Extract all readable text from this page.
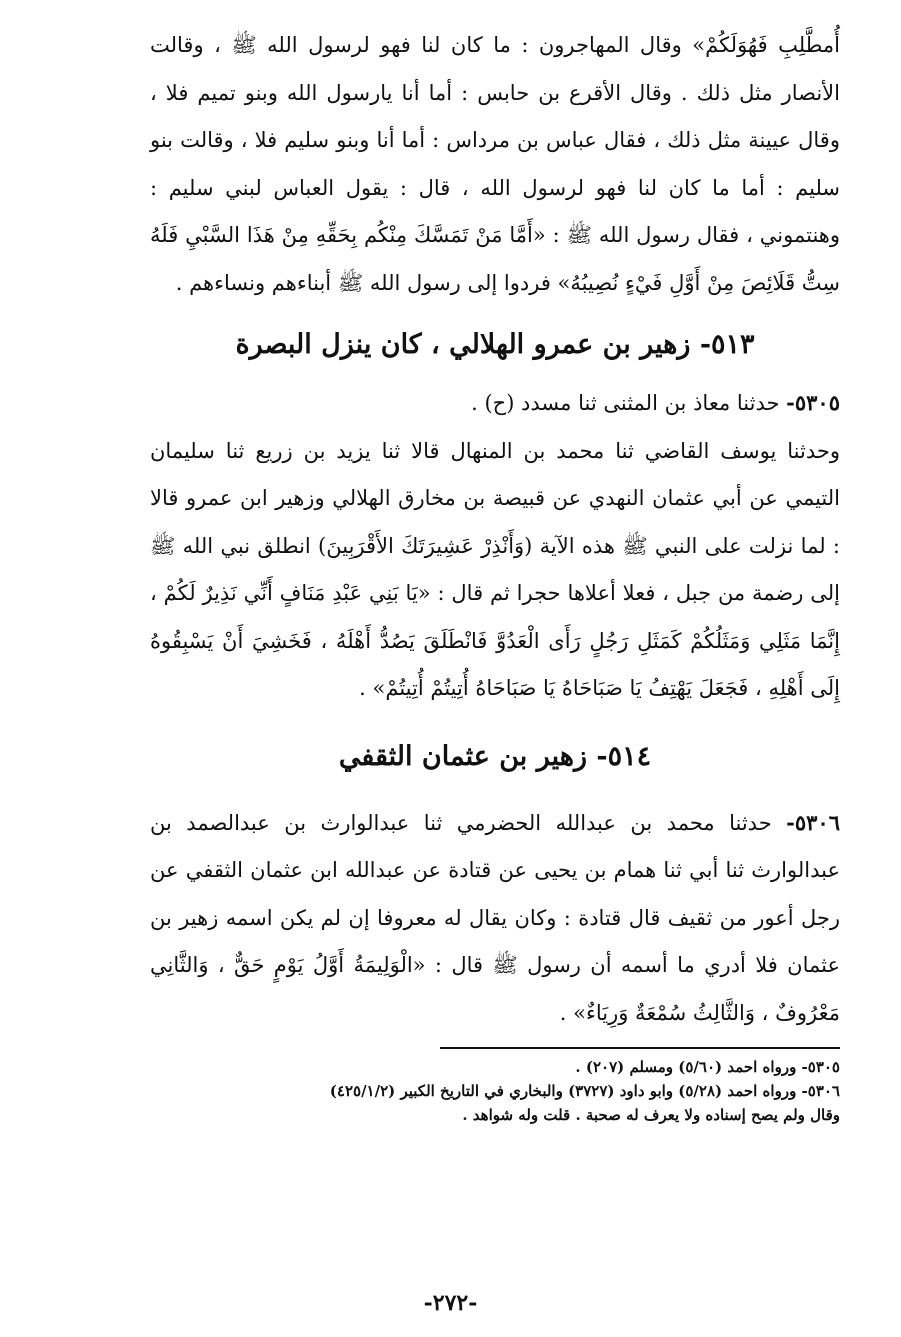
أُمطَّلِبِ فَهُوَلَكُمْ» وقال المهاجرون : ما كان لنا فهو لرسول الله ﷺ ، وقالت الأنصار مثل ذلك . وقال الأقرع بن حابس : أما أنا يارسول الله وبنو تميم فلا ، وقال عيينة مثل ذلك ، فقال عباس بن مرداس : أما أنا وبنو سليم فلا ، وقالت بنو سليم : أما ما كان لنا فهو لرسول الله ، قال : يقول العباس لبني سليم : وهنتموني ، فقال رسول الله ﷺ : «أَمَّا مَنْ تَمَسَّكَ مِنْكُم بِحَقِّهِ مِنْ هَذَا السَّبْيِ فَلَهُ سِتُّ قَلَائِصَ مِنْ أَوَّلِ فَيْءٍ نُصِيبُهُ» فردوا إلى رسول الله ﷺ أبناءهم ونساءهم .

٥١٣- زهير بن عمرو الهلالي ، كان ينزل البصرة

٥٣٠٥- حدثنا معاذ بن المثنى ثنا مسدد (ح) .

وحدثنا يوسف القاضي ثنا محمد بن المنهال قالا ثنا يزيد بن زريع ثنا سليمان التيمي عن أبي عثمان النهدي عن قبيصة بن مخارق الهلالي وزهير ابن عمرو قالا : لما نزلت على النبي ﷺ هذه الآية (وَأَنْذِرْ عَشِيرَتَكَ الأَقْرَبِينَ) انطلق نبي الله ﷺ إلى رضمة من جبل ، فعلا أعلاها حجرا ثم قال : «يَا بَنِي عَبْدِ مَنَافٍ أَنِّي نَذِيرٌ لَكُمْ ، إِنَّمَا مَثَلِي وَمَثَلُكُمْ كَمَثَلِ رَجُلٍ رَأَى الْعَدُوَّ فَانْطَلَقَ يَصُدُّ أَهْلَهُ ، فَخَشِيَ أَنْ يَسْبِقُوهُ إِلَى أَهْلِهِ ، فَجَعَلَ يَهْتِفُ يَا صَبَاحَاهُ يَا صَبَاحَاهُ أُتِيتُمْ أُتِيتُمْ» .

٥١٤- زهير بن عثمان الثقفي

٥٣٠٦- حدثنا محمد بن عبدالله الحضرمي ثنا عبدالوارث بن عبدالصمد بن عبدالوارث ثنا أبي ثنا همام بن يحيى عن قتادة عن عبدالله ابن عثمان الثقفي عن رجل أعور من ثقيف قال قتادة : وكان يقال له معروفا إن لم يكن اسمه زهير بن عثمان فلا أدري ما أسمه أن رسول ﷺ قال : «الْوَلِيمَةُ أَوَّلُ يَوْمٍ حَقٌّ ، وَالثَّانِي مَعْرُوفٌ ، وَالثَّالِثُ سُمْعَةٌ وَرِيَاءٌ» .

٥٣٠٥- ورواه احمد (٥/٦٠) ومسلم (٢٠٧) .

٥٣٠٦- ورواه احمد (٥/٢٨) وابو داود (٣٧٢٧) والبخاري في التاريخ الكبير (٤٢٥/١/٢)

وقال ولم يصح إسناده ولا يعرف له صحبة . قلت وله شواهد .

-٢٧٢-
